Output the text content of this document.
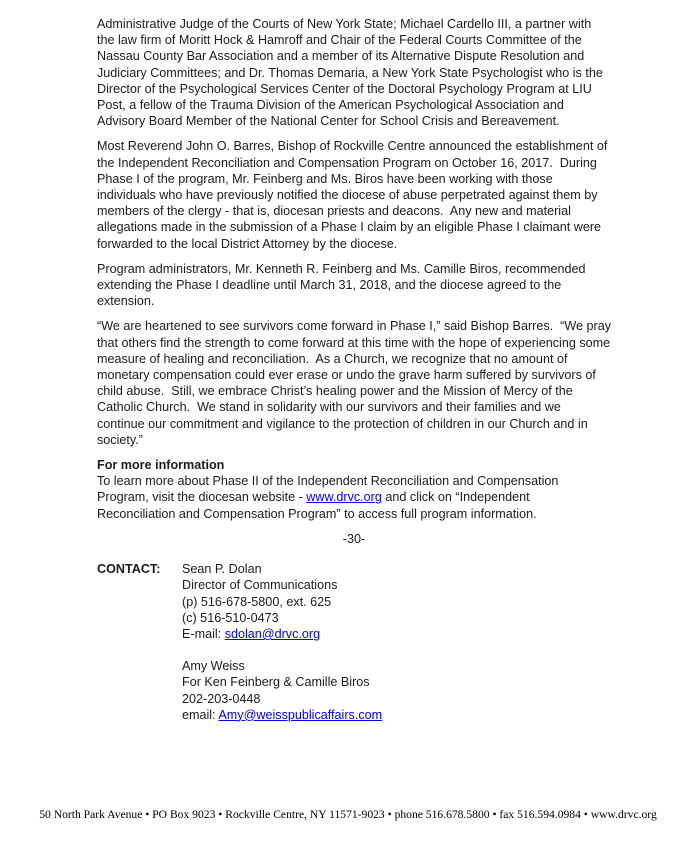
Administrative Judge of the Courts of New York State; Michael Cardello III, a partner with the law firm of Moritt Hock & Hamroff and Chair of the Federal Courts Committee of the Nassau County Bar Association and a member of its Alternative Dispute Resolution and Judiciary Committees; and Dr. Thomas Demaria, a New York State Psychologist who is the Director of the Psychological Services Center of the Doctoral Psychology Program at LIU Post, a fellow of the Trauma Division of the American Psychological Association and Advisory Board Member of the National Center for School Crisis and Bereavement.

Most Reverend John O. Barres, Bishop of Rockville Centre announced the establishment of the Independent Reconciliation and Compensation Program on October 16, 2017.  During Phase I of the program, Mr. Feinberg and Ms. Biros have been working with those individuals who have previously notified the diocese of abuse perpetrated against them by members of the clergy - that is, diocesan priests and deacons.  Any new and material allegations made in the submission of a Phase I claim by an eligible Phase I claimant were forwarded to the local District Attorney by the diocese.

Program administrators, Mr. Kenneth R. Feinberg and Ms. Camille Biros, recommended extending the Phase I deadline until March 31, 2018, and the diocese agreed to the extension.

“We are heartened to see survivors come forward in Phase I,” said Bishop Barres.  “We pray that others find the strength to come forward at this time with the hope of experiencing some measure of healing and reconciliation.  As a Church, we recognize that no amount of monetary compensation could ever erase or undo the grave harm suffered by survivors of child abuse.  Still, we embrace Christ’s healing power and the Mission of Mercy of the Catholic Church.  We stand in solidarity with our survivors and their families and we continue our commitment and vigilance to the protection of children in our Church and in society.”

For more information

To learn more about Phase II of the Independent Reconciliation and Compensation Program, visit the diocesan website - www.drvc.org and click on “Independent Reconciliation and Compensation Program” to access full program information.

-30-
CONTACT:	Sean P. Dolan
Director of Communications
(p) 516-678-5800, ext. 625
(c) 516-510-0473
E-mail: sdolan@drvc.org
Amy Weiss
For Ken Feinberg & Camille Biros
202-203-0448
email: Amy@weisspublicaffairs.com
50 North Park Avenue • PO Box 9023 • Rockville Centre, NY 11571-9023 • phone 516.678.5800 • fax 516.594.0984 • www.drvc.org
